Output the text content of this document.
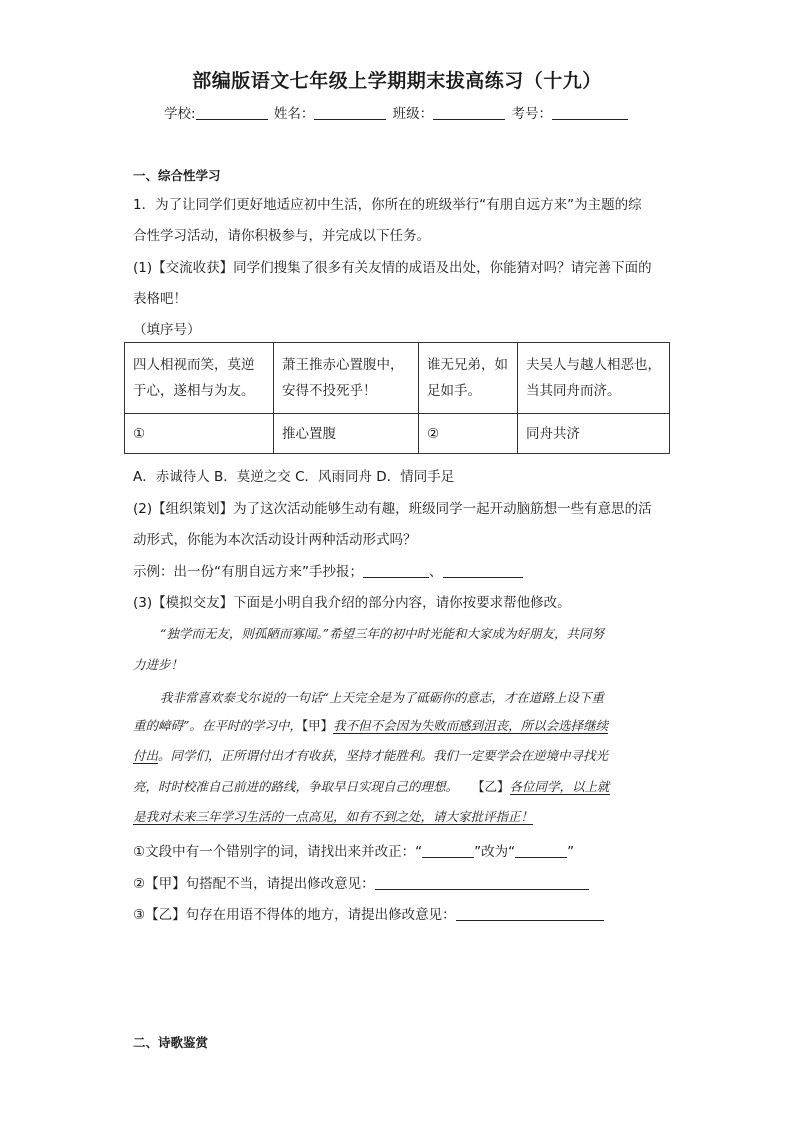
部编版语文七年级上学期期末拔高练习（十九）
学校:	姓名：	班级：	考号：
一、综合性学习
1．为了让同学们更好地适应初中生活，你所在的班级举行“有朋自远方来”为主题的综
合性学习活动，请你积极参与，并完成以下任务。
(1)【交流收获】同学们搜集了很多有关友情的成语及出处，你能猜对吗？请完善下面的
表格吧！
（填序号）
四人相视而笑，莫逆于心，遂相与为友。	萧王推赤心置腹中，安得不投死乎！	谁无兄弟，如足如手。	夫吴人与越人相恶也，当其同舟而济。
①	推心置腹	②	同舟共济
A．赤诚待人 B．莫逆之交 C．风雨同舟 D．情同手足
(2)【组织策划】为了这次活动能够生动有趣，班级同学一起开动脑筋想一些有意思的活
动形式，你能为本次活动设计两种活动形式吗？
示例：出一份“有朋自远方来”手抄报；	、
(3)【模拟交友】下面是小明自我介绍的部分内容，请你按要求帮他修改。
“独学而无友，则孤陋而寡闻。”希望三年的初中时光能和大家成为好朋友，共同努
力进步！
我非常喜欢泰戈尔说的一句话“上天完全是为了砥砺你的意志，才在道路上设下重
重的嶂碍”。在平时的学习中，【甲】我不但不会因为失败而感到沮丧，所以会选择继续
付出。同学们，正所谓付出才有收获，坚持才能胜利。我们一定要学会在逆境中寻找光
亮，时时校准自己前进的路线，争取早日实现自己的理想。 【乙】各位同学，以上就
是我对未来三年学习生活的一点高见，如有不到之处，请大家批评指正！
①文段中有一个错别字的词，请找出来并改正：“	”改为“	”
②【甲】句搭配不当，请提出修改意见：
③【乙】句存在用语不得体的地方，请提出修改意见：
二、诗歌鉴赏
